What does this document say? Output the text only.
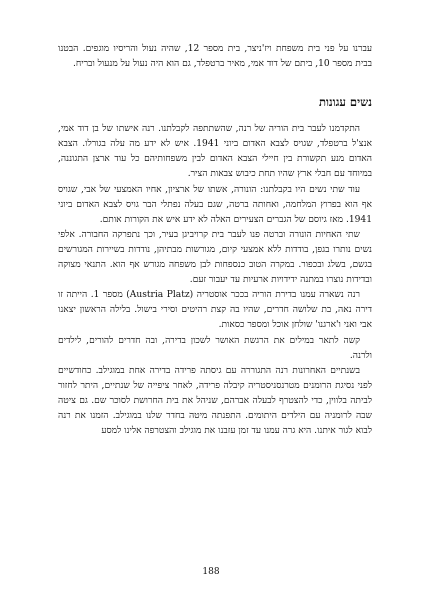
עברנו על פני בית משפחת ויז'ניצר, בית מספר 12, שהיה נעול והריסיו מוגפים. הבטנו בבית מספר 10, ביתם של דוד אמי, מאיר ברטפלד, גם הוא היה נעול על מנעול ובריח.

נשים עגונות

התקדמנו לעבר בית הוריה של רנה, שהשתתפה לקבלתנו. רנה אישתו של בן דוד אמי, אנצ'ל ברטפלד, שגויס לצבא האדום ביוני 1941. איש לא ידע מה עלה בגורלו. הצבא האדום מנע תקשורת בין חיילי הצבא האדום לבין משפחותיהם כל עוד ארצן התגוננה, במיוחד עם חבלי ארץ שהיו תחת כיבוש צבאות הציר.

עוד שתי נשים היו בקבלתנו: הונורה, אשתו של ארציון, אחיו האמצעי של אבי, שגויס אף הוא בפרוץ המלחמה, ואחותה ברטה, שגם בעלה נפתלי הבר גויס לצבא האדום ביוני 1941. מאז גיוסם של הגברים הצעירים האלה לא ידע איש את הקורות אותם.

שתי האחיות הונורה וברטה פנו לעבר בית קרויביגן בעיר, וכך נתפרקה החבורה. אלפי נשים נותרו בגפן, בודדות ללא אמצעי קיום, מגורשות מבתיהן, נודדות בשיירות המגורשים בגשם, בשלג ובכפור. במקרה הטוב כנספחות לבן משפחה מגורש אף הוא. התנאי מצוקה ובדידות נוצרו במתנה ידידויות ארעיות עד יעבור זעם.

רנה נשארה עמנו בדירת הוריה בככר אוסטריה (Austria Platz) מספר 1. הייתה זו דירה נאה, בת שלושה חדרים, שהיו בה קצת רהיטים וסירי בישול. בלילה הראשון יצאנו אבי ואני ו'ארגנו' שולחן אוכל ומספר כסאות.

קשה לתאר במילים את הרגשת האושר לשכון בדירה, ובה חדרים להורים, לילדים ולרנה.

בשנתיים האחרונות רנה התגוררה עם גיסתה פרידה בדירה אחת במוגילב. כחודשיים לפני נסיגת הרומנים מטרנסניסטריה קיבלה פרידה, לאחר ציפייה של שנתיים, היתר לחזור לביתה בלווין, כדי להצטרף לבעלה אברהם, שניהל את בית החרושת לסוכר שם. גם ציטה שבה לרומניה עם הילדים היתומים. התפנתה מיטה בחדר שלנו במוגילב. הזמנו את רנה לבוא לגור איתנו. היא גרה עמנו עד זמן עזבנו את מוגילב והצטרפה אלינו למסע

188
